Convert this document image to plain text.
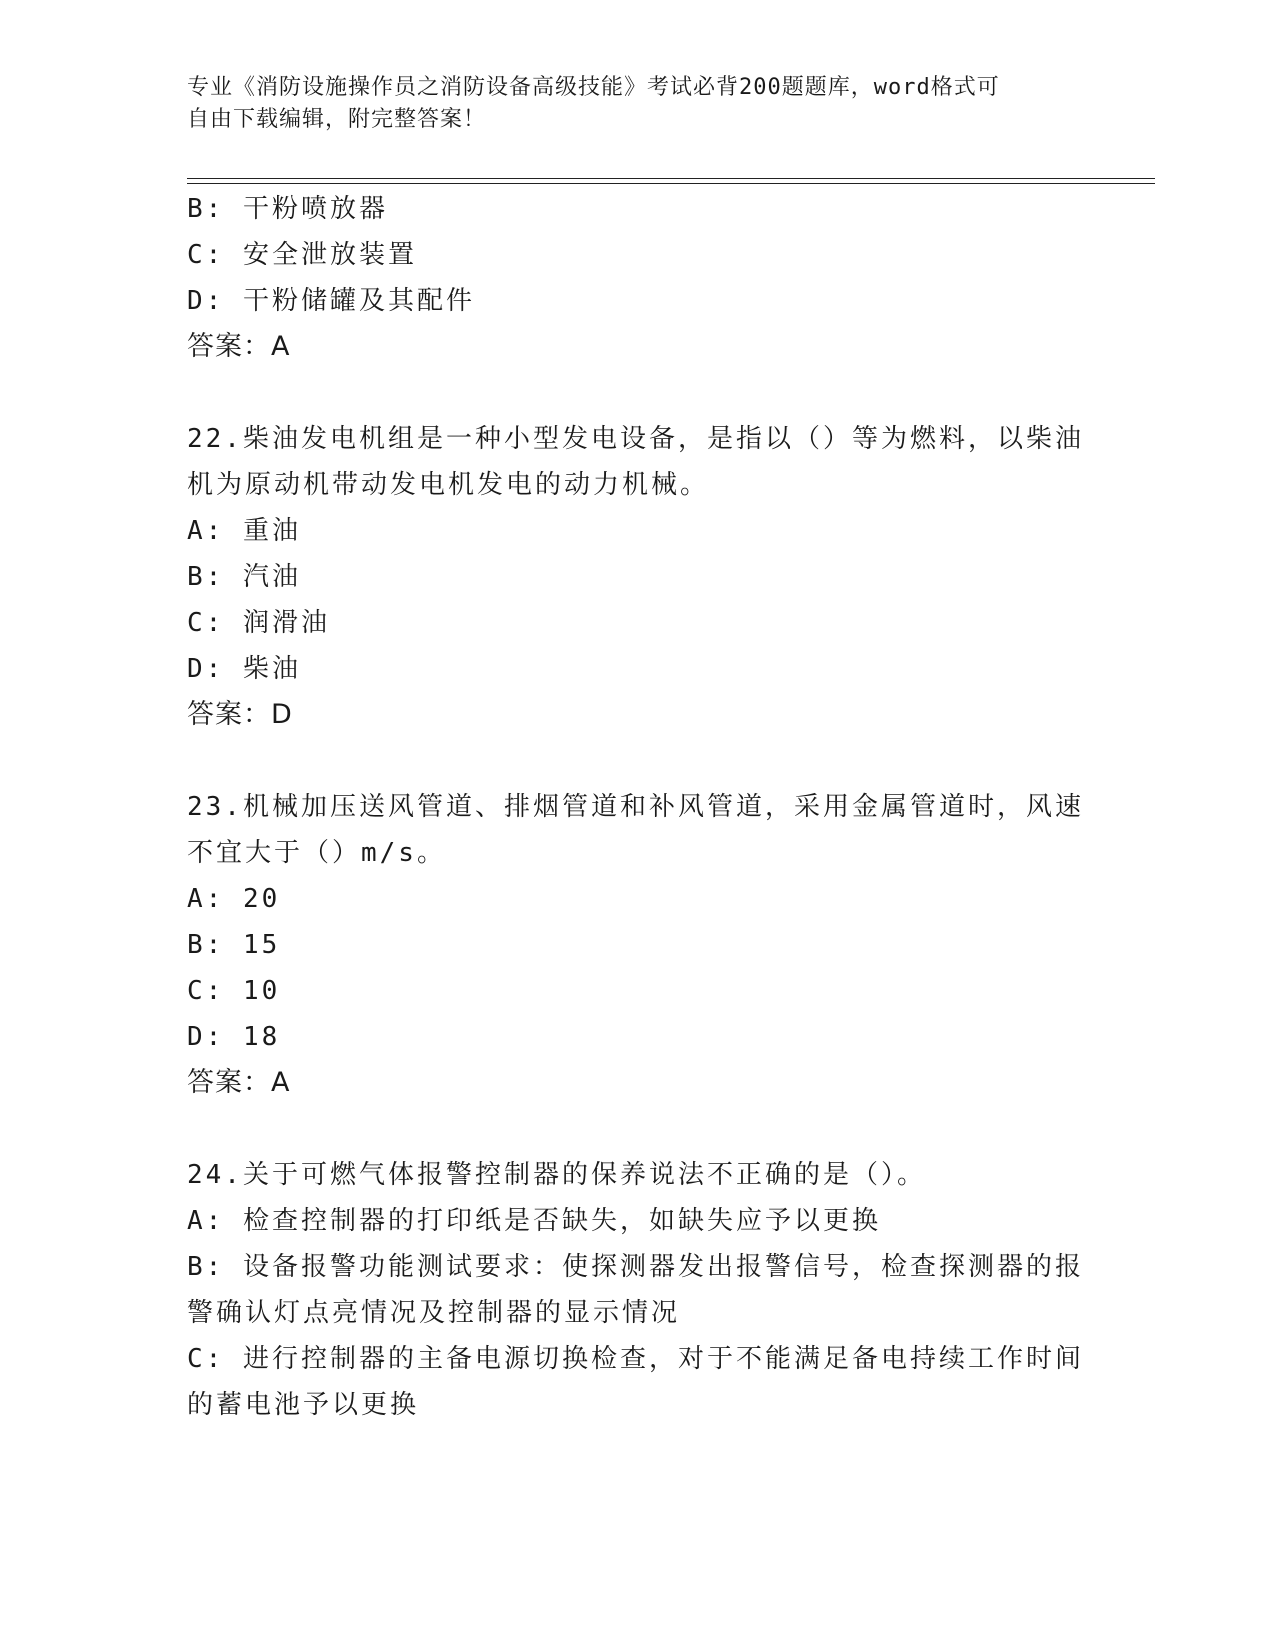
专业《消防设施操作员之消防设备高级技能》考试必背200题题库，word格式可
自由下载编辑，附完整答案！
B: 干粉喷放器
C: 安全泄放装置
D: 干粉储罐及其配件
答案：A
22.柴油发电机组是一种小型发电设备，是指以（）等为燃料，以柴油
机为原动机带动发电机发电的动力机械。
A: 重油
B: 汽油
C: 润滑油
D: 柴油
答案：D
23.机械加压送风管道、排烟管道和补风管道，采用金属管道时，风速
不宜大于（）m/s。
A: 20
B: 15
C: 10
D: 18
答案：A
24.关于可燃气体报警控制器的保养说法不正确的是（）。
A: 检查控制器的打印纸是否缺失，如缺失应予以更换
B: 设备报警功能测试要求：使探测器发出报警信号，检查探测器的报
警确认灯点亮情况及控制器的显示情况
C: 进行控制器的主备电源切换检查，对于不能满足备电持续工作时间
的蓄电池予以更换
